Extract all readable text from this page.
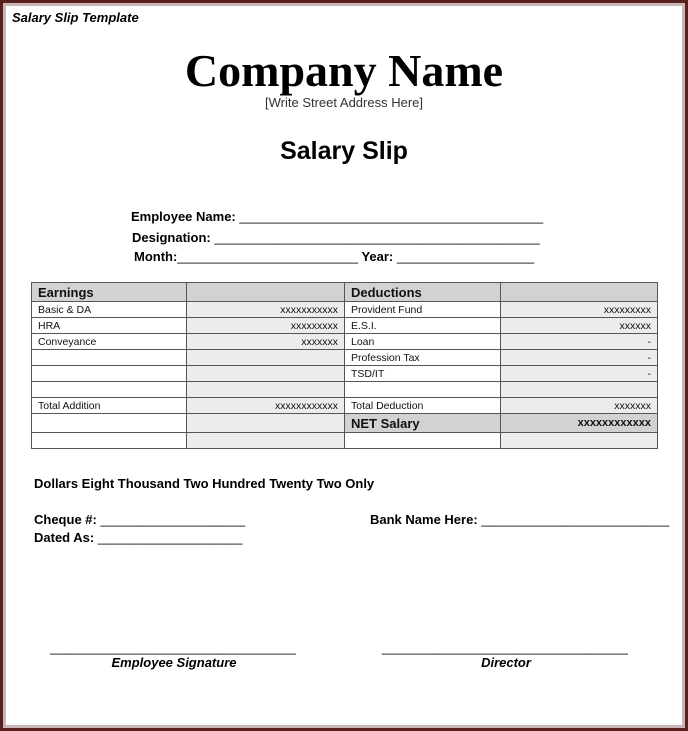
Salary Slip Template
Company Name
[Write Street Address Here]
Salary Slip
Employee Name: __________________________________________
Designation: _____________________________________________
Month:_________________________ Year: ___________________
Earnings		Deductions	
Basic & DA	xxxxxxxxxxx	Provident Fund	xxxxxxxxx
HRA	xxxxxxxxx	E.S.I.	xxxxxx
Conveyance	xxxxxxx	Loan	-
		Profession Tax	-
		TSD/IT	-

Total Addition	xxxxxxxxxxxx	Total Deduction	xxxxxxx
		NET Salary	xxxxxxxxxxxx

Dollars Eight Thousand Two Hundred Twenty Two Only
Cheque #: ____________________
Dated As: ____________________
Bank Name Here: __________________________
__________________________________
Employee Signature
__________________________________
Director
